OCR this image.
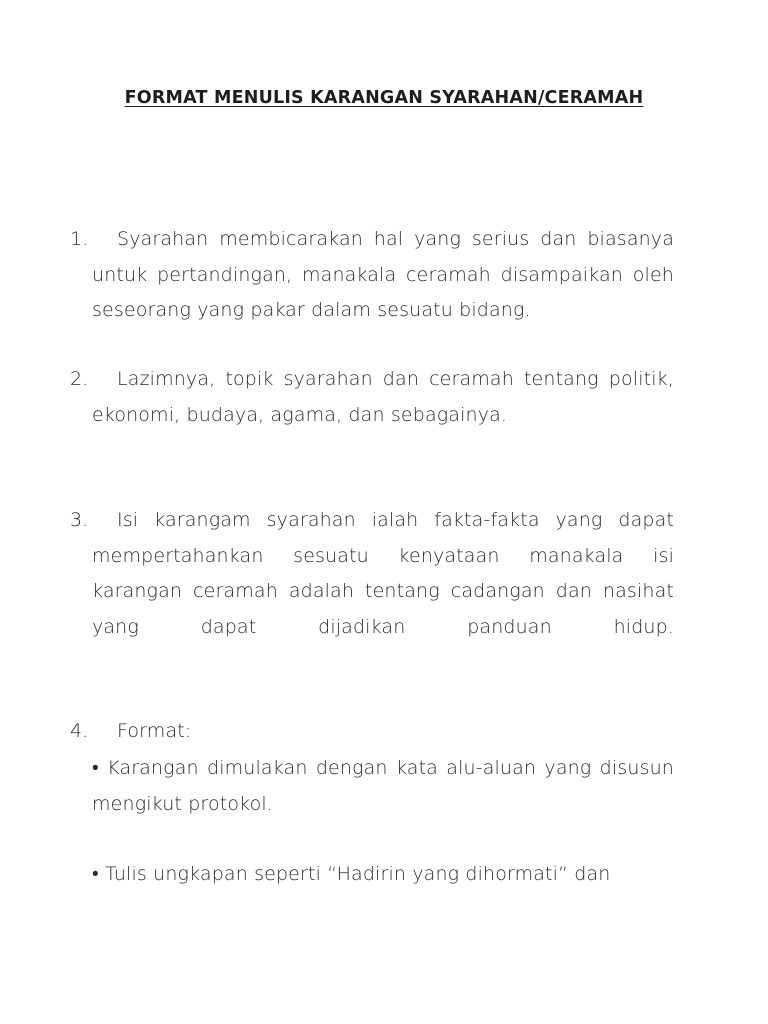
FORMAT MENULIS KARANGAN SYARAHAN/CERAMAH
1.	Syarahan membicarakan hal yang serius dan biasanya untuk pertandingan, manakala ceramah disampaikan oleh seseorang yang pakar dalam sesuatu bidang.
2.	Lazimnya, topik syarahan dan ceramah tentang politik, ekonomi, budaya, agama, dan sebagainya.
3.	Isi karangam syarahan ialah fakta-fakta yang dapat mempertahankan sesuatu kenyataan manakala isi karangan ceramah adalah tentang cadangan dan nasihat yang dapat dijadikan panduan hidup.
4.	Format:
• Karangan dimulakan dengan kata alu-aluan yang disusun mengikut protokol.
• Tulis ungkapan seperti “Hadirin yang dihormati” dan
